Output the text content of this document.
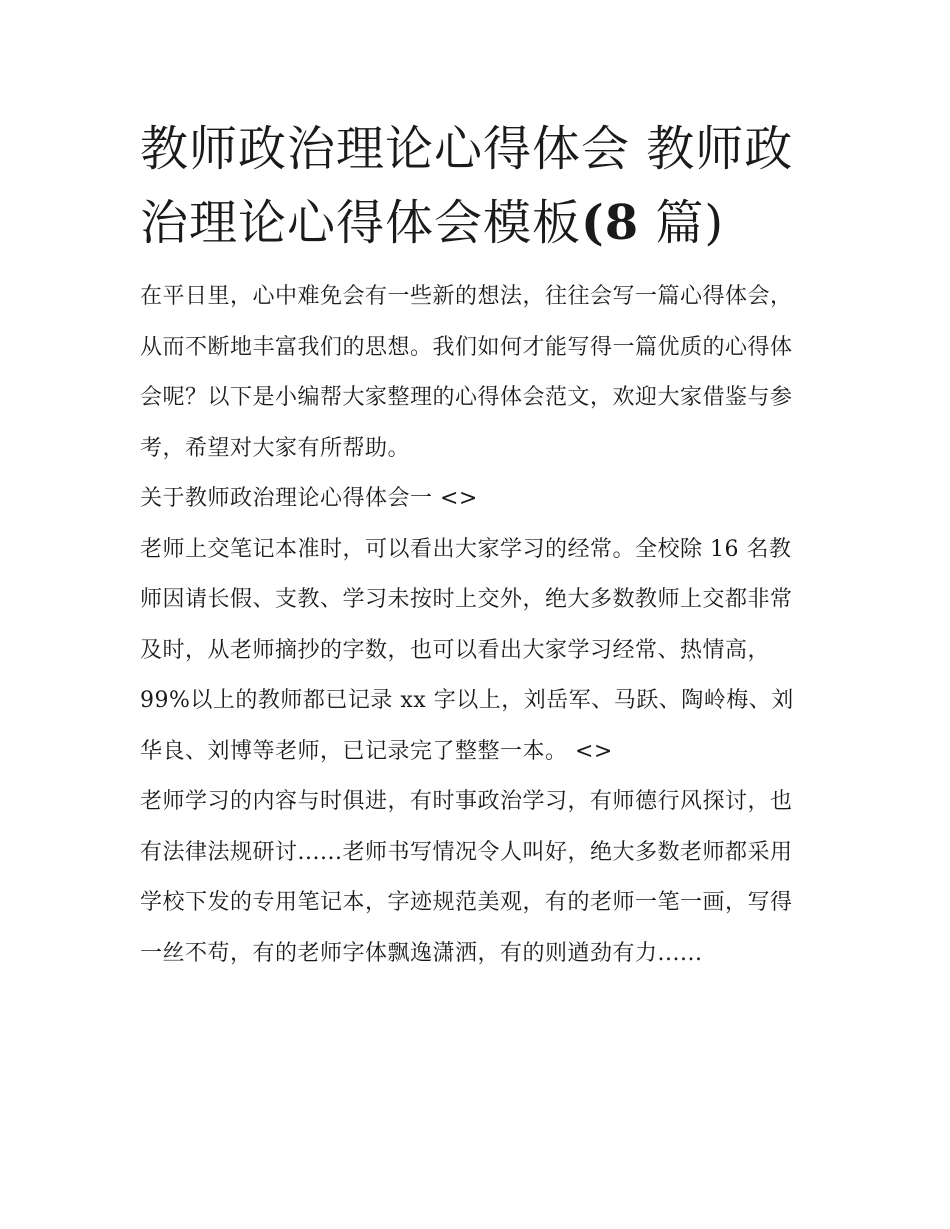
教师政治理论心得体会 教师政治理论心得体会模板(8 篇)

在平日里，心中难免会有一些新的想法，往往会写一篇心得体会，从而不断地丰富我们的思想。我们如何才能写得一篇优质的心得体会呢？以下是小编帮大家整理的心得体会范文，欢迎大家借鉴与参考，希望对大家有所帮助。

关于教师政治理论心得体会一 <>

老师上交笔记本准时，可以看出大家学习的经常。全校除 16 名教师因请长假、支教、学习未按时上交外，绝大多数教师上交都非常及时，从老师摘抄的字数，也可以看出大家学习经常、热情高，99%以上的教师都已记录 xx 字以上，刘岳军、马跃、陶岭梅、刘华良、刘博等老师，已记录完了整整一本。 <>

老师学习的内容与时俱进，有时事政治学习，有师德行风探讨，也有法律法规研讨......老师书写情况令人叫好，绝大多数老师都采用学校下发的专用笔记本，字迹规范美观，有的老师一笔一画，写得一丝不苟，有的老师字体飘逸潇洒，有的则遒劲有力......
